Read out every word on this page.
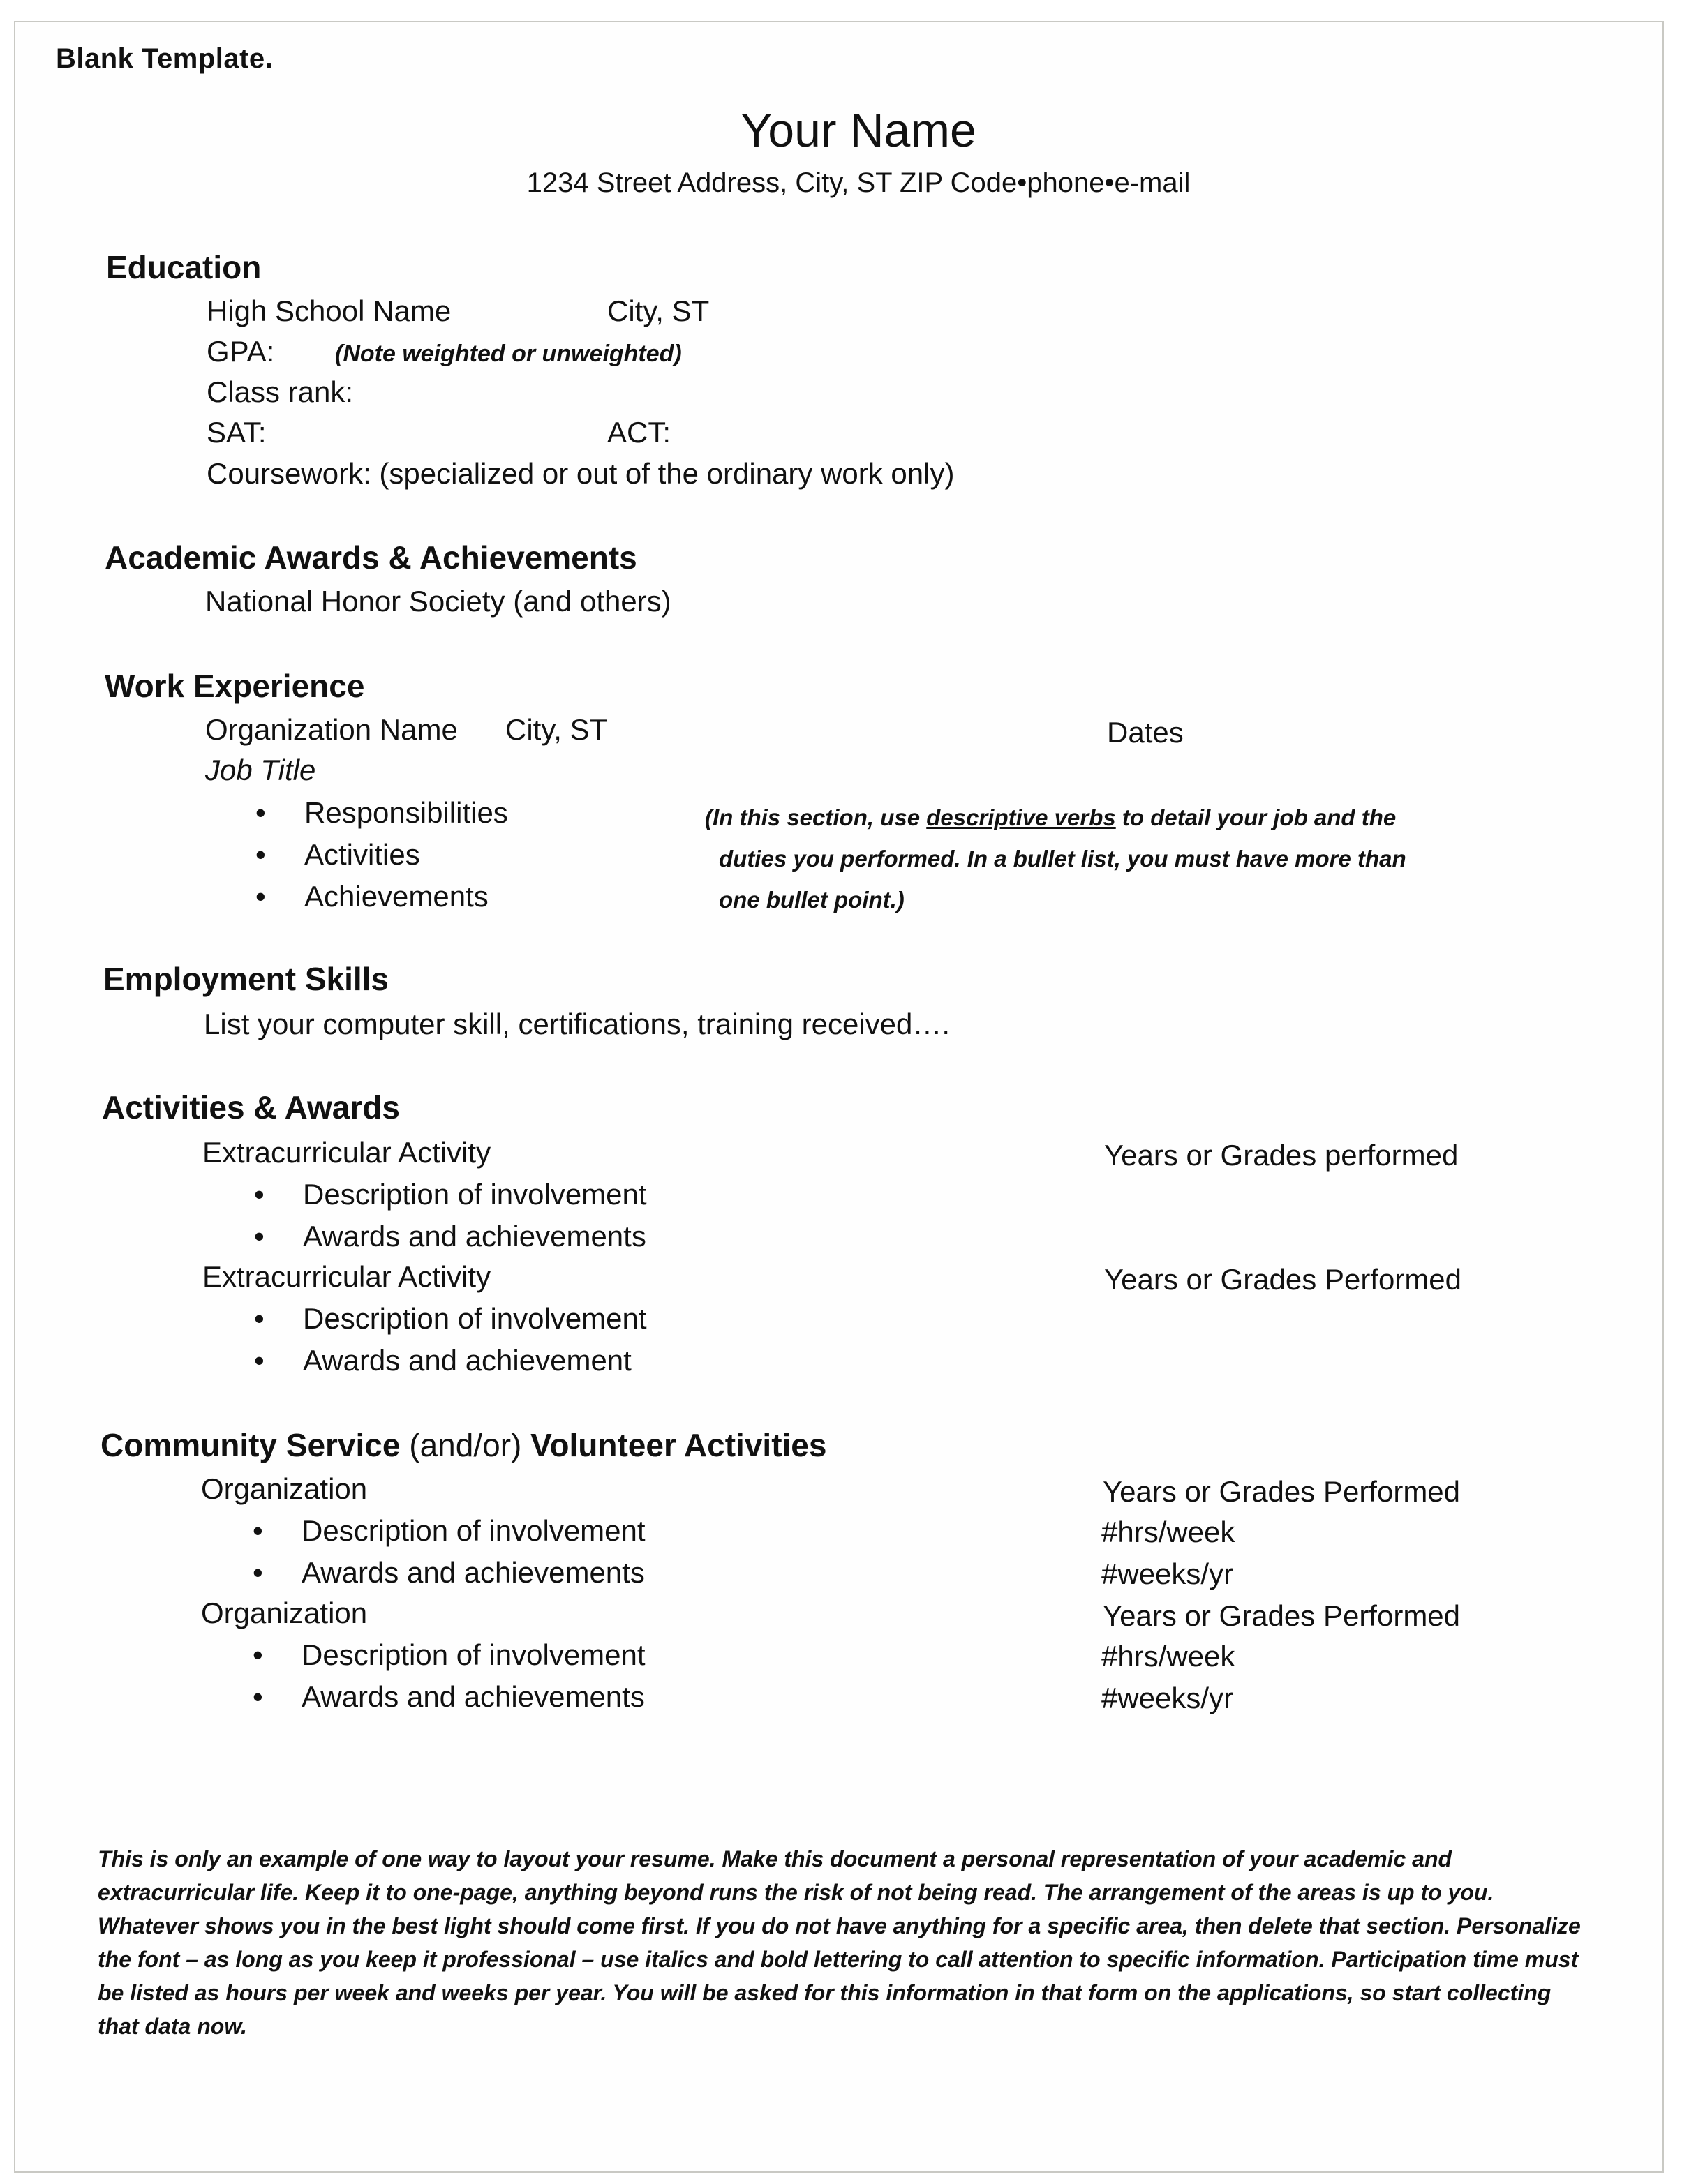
Blank Template.
Your Name
1234 Street Address, City, ST ZIP Code•phone•e-mail
Education
High School Name	City, ST
GPA:	(Note weighted or unweighted)
Class rank:
SAT:	ACT:
Coursework: (specialized or out of the ordinary work only)
Academic Awards & Achievements
National Honor Society (and others)
Work Experience
Organization Name City, ST	Dates
Job Title
• Responsibilities
• Activities
• Achievements
(In this section, use descriptive verbs to detail your job and the
duties you performed. In a bullet list, you must have more than
one bullet point.)
Employment Skills
List your computer skill, certifications, training received….
Activities & Awards
Extracurricular Activity	Years or Grades performed
• Description of involvement
• Awards and achievements
Extracurricular Activity	Years or Grades Performed
• Description of involvement
• Awards and achievement
Community Service (and/or) Volunteer Activities
Organization	Years or Grades Performed
• Description of involvement	#hrs/week
• Awards and achievements	#weeks/yr
Organization	Years or Grades Performed
• Description of involvement	#hrs/week
• Awards and achievements	#weeks/yr
This is only an example of one way to layout your resume. Make this document a personal representation of your academic and extracurricular life. Keep it to one-page, anything beyond runs the risk of not being read. The arrangement of the areas is up to you. Whatever shows you in the best light should come first. If you do not have anything for a specific area, then delete that section. Personalize the font – as long as you keep it professional – use italics and bold lettering to call attention to specific information. Participation time must be listed as hours per week and weeks per year. You will be asked for this information in that form on the applications, so start collecting that data now.
